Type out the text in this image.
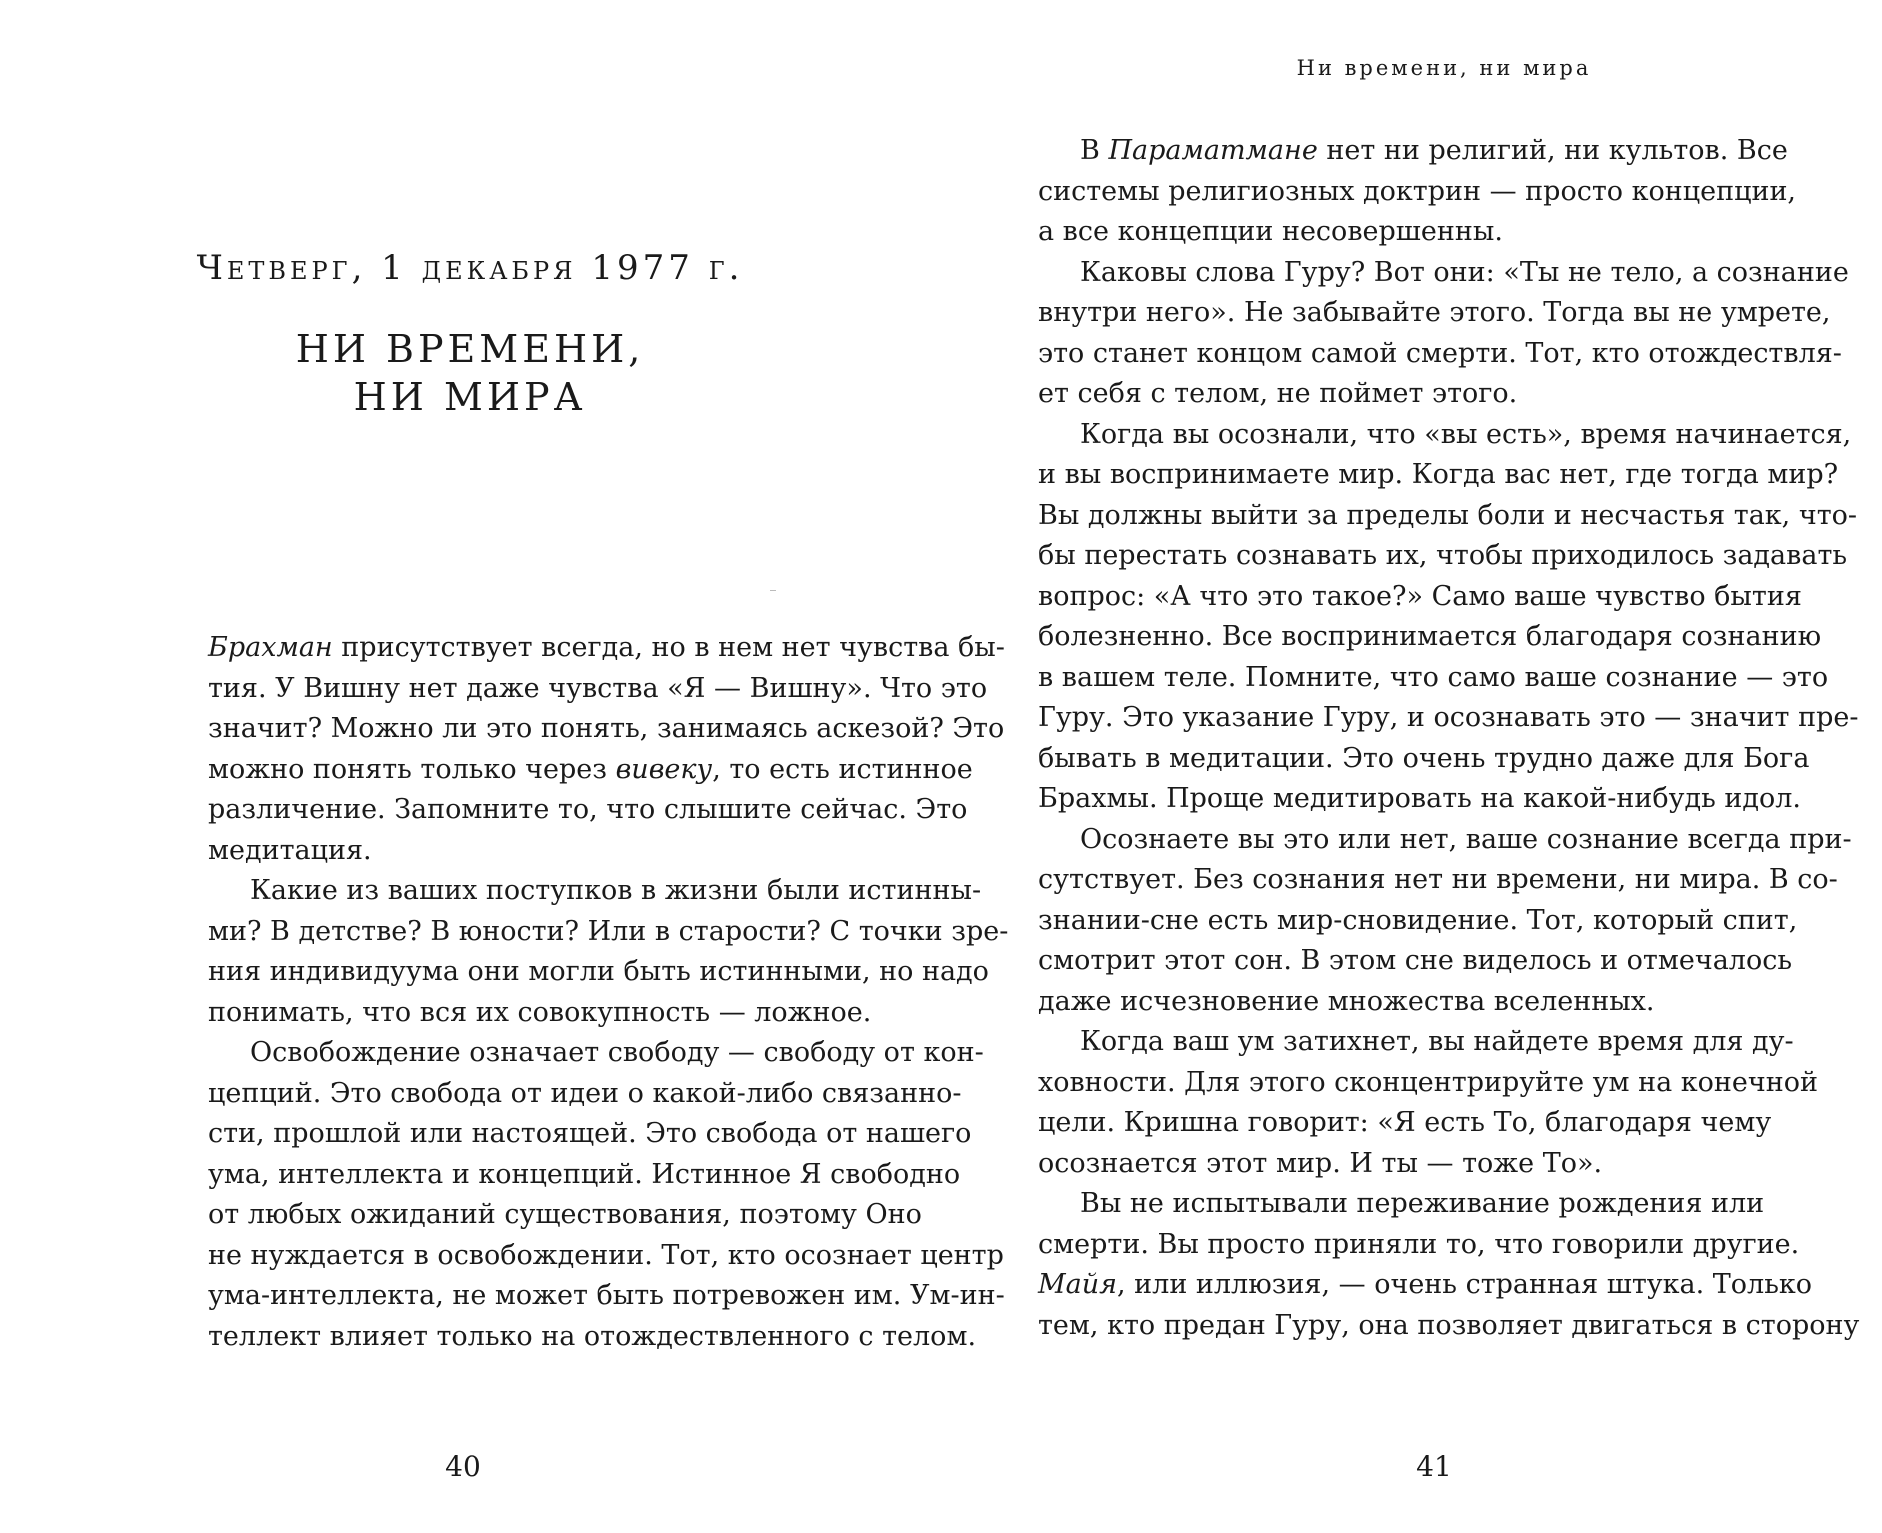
Четверг, 1 декабря 1977 г.
НИ ВРЕМЕНИ,
НИ МИРА
Брахман присутствует всегда, но в нем нет чувства бы-
тия. У Вишну нет даже чувства «Я — Вишну». Что это
значит? Можно ли это понять, занимаясь аскезой? Это
можно понять только через вивеку, то есть истинное
различение. Запомните то, что слышите сейчас. Это
медитация.
Какие из ваших поступков в жизни были истинны-
ми? В детстве? В юности? Или в старости? С точки зре-
ния индивидуума они могли быть истинными, но надо
понимать, что вся их совокупность — ложное.
Освобождение означает свободу — свободу от кон-
цепций. Это свобода от идеи о какой-либо связанно-
сти, прошлой или настоящей. Это свобода от нашего
ума, интеллекта и концепций. Истинное Я свободно
от любых ожиданий существования, поэтому Оно
не нуждается в освобождении. Тот, кто осознает центр
ума-интеллекта, не может быть потревожен им. Ум-ин-
теллект влияет только на отождествленного с телом.
40
Ни времени, ни мира
В Параматмане нет ни религий, ни культов. Все
системы религиозных доктрин — просто концепции,
а все концепции несовершенны.
Каковы слова Гуру? Вот они: «Ты не тело, а сознание
внутри него». Не забывайте этого. Тогда вы не умрете,
это станет концом самой смерти. Тот, кто отождествля-
ет себя с телом, не поймет этого.
Когда вы осознали, что «вы есть», время начинается,
и вы воспринимаете мир. Когда вас нет, где тогда мир?
Вы должны выйти за пределы боли и несчастья так, что-
бы перестать сознавать их, чтобы приходилось задавать
вопрос: «А что это такое?» Само ваше чувство бытия
болезненно. Все воспринимается благодаря сознанию
в вашем теле. Помните, что само ваше сознание — это
Гуру. Это указание Гуру, и осознавать это — значит пре-
бывать в медитации. Это очень трудно даже для Бога
Брахмы. Проще медитировать на какой-нибудь идол.
Осознаете вы это или нет, ваше сознание всегда при-
сутствует. Без сознания нет ни времени, ни мира. В со-
знании-сне есть мир-сновидение. Тот, который спит,
смотрит этот сон. В этом сне виделось и отмечалось
даже исчезновение множества вселенных.
Когда ваш ум затихнет, вы найдете время для ду-
ховности. Для этого сконцентрируйте ум на конечной
цели. Кришна говорит: «Я есть То, благодаря чему
осознается этот мир. И ты — тоже То».
Вы не испытывали переживание рождения или
смерти. Вы просто приняли то, что говорили другие.
Майя, или иллюзия, — очень странная штука. Только
тем, кто предан Гуру, она позволяет двигаться в сторону
41
